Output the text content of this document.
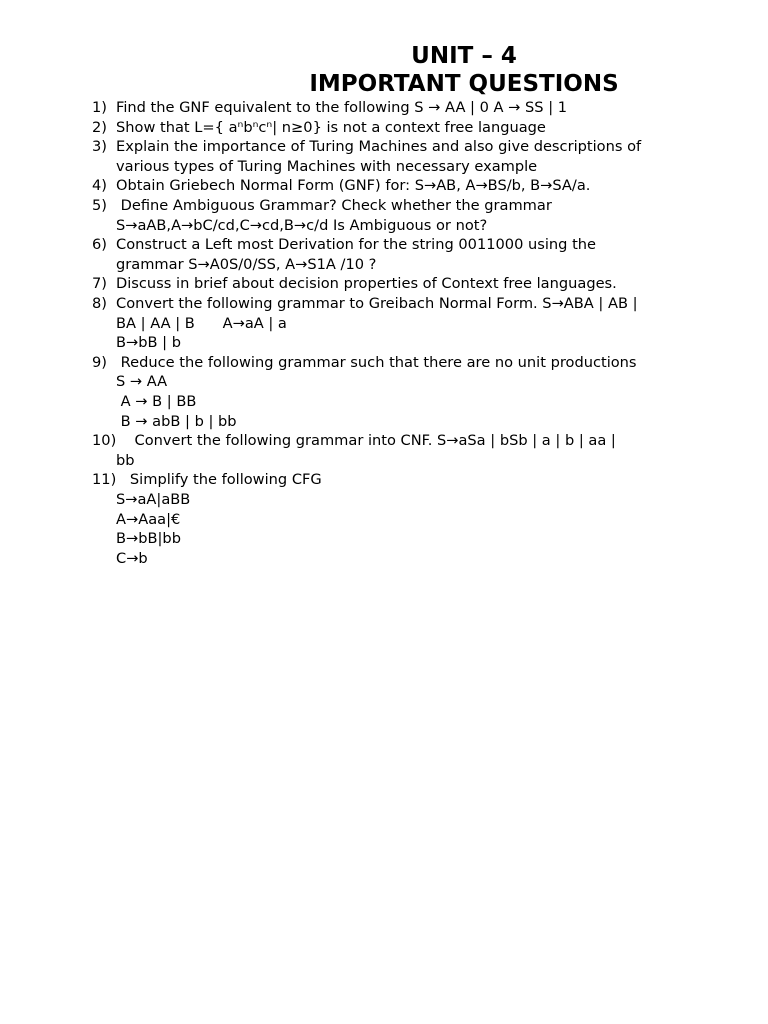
UNIT – 4
IMPORTANT QUESTIONS
1) Find the GNF equivalent to the following S → AA | 0 A → SS | 1
2) Show that L={ aⁿbⁿcⁿ| n≥0} is not a context free language
3) Explain the importance of Turing Machines and also give descriptions of
various types of Turing Machines with necessary example
4) Obtain Griebech Normal Form (GNF) for: S→AB, A→BS/b, B→SA/a.
5) Define Ambiguous Grammar? Check whether the grammar
S→aAB,A→bC/cd,C→cd,B→c/d Is Ambiguous or not?
6) Construct a Left most Derivation for the string 0011000 using the
grammar S→A0S/0/SS, A→S1A /10 ?
7) Discuss in brief about decision properties of Context free languages.
8) Convert the following grammar to Greibach Normal Form. S→ABA | AB |
BA | AA | B      A→aA | a
B→bB | b
9) Reduce the following grammar such that there are no unit productions
S → AA
A → B | BB
B → abB | b | bb
10) Convert the following grammar into CNF. S→aSa | bSb | a | b | aa |
bb
11) Simplify the following CFG
S→aA|aBB
A→Aaa|€
B→bB|bb
C→b
